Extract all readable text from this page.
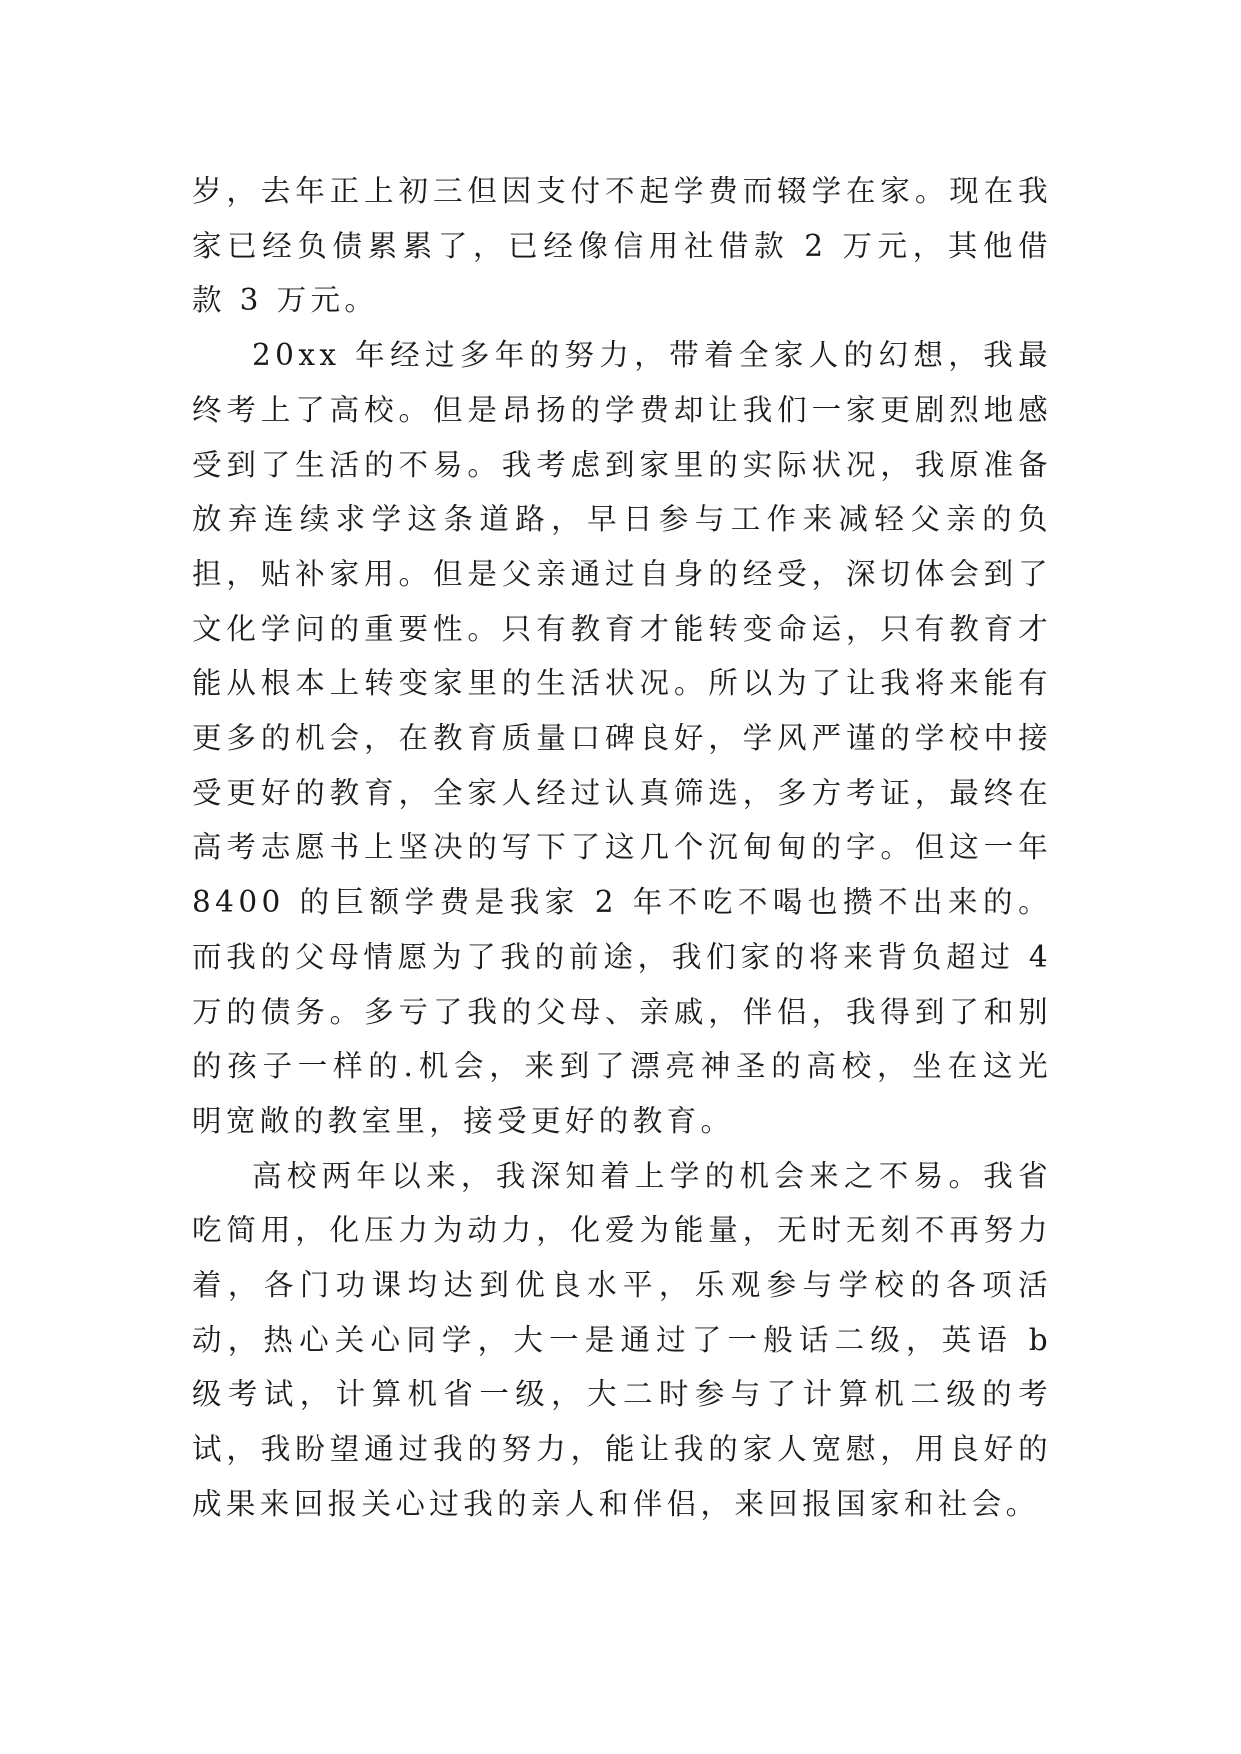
岁，去年正上初三但因支付不起学费而辍学在家。现在我家已经负债累累了，已经像信用社借款 2 万元，其他借款 3 万元。

20xx 年经过多年的努力，带着全家人的幻想，我最终考上了高校。但是昂扬的学费却让我们一家更剧烈地感受到了生活的不易。我考虑到家里的实际状况，我原准备放弃连续求学这条道路，早日参与工作来减轻父亲的负担，贴补家用。但是父亲通过自身的经受，深切体会到了文化学问的重要性。只有教育才能转变命运，只有教育才能从根本上转变家里的生活状况。所以为了让我将来能有更多的机会，在教育质量口碑良好，学风严谨的学校中接受更好的教育，全家人经过认真筛选，多方考证，最终在高考志愿书上坚决的写下了这几个沉甸甸的字。但这一年 8400 的巨额学费是我家 2 年不吃不喝也攒不出来的。而我的父母情愿为了我的前途，我们家的将来背负超过 4 万的债务。多亏了我的父母、亲戚，伴侣，我得到了和别的孩子一样的.机会，来到了漂亮神圣的高校，坐在这光明宽敞的教室里，接受更好的教育。

高校两年以来，我深知着上学的机会来之不易。我省吃简用，化压力为动力，化爱为能量，无时无刻不再努力着，各门功课均达到优良水平，乐观参与学校的各项活动，热心关心同学，大一是通过了一般话二级，英语 b 级考试，计算机省一级，大二时参与了计算机二级的考试，我盼望通过我的努力，能让我的家人宽慰，用良好的成果来回报关心过我的亲人和伴侣，来回报国家和社会。
